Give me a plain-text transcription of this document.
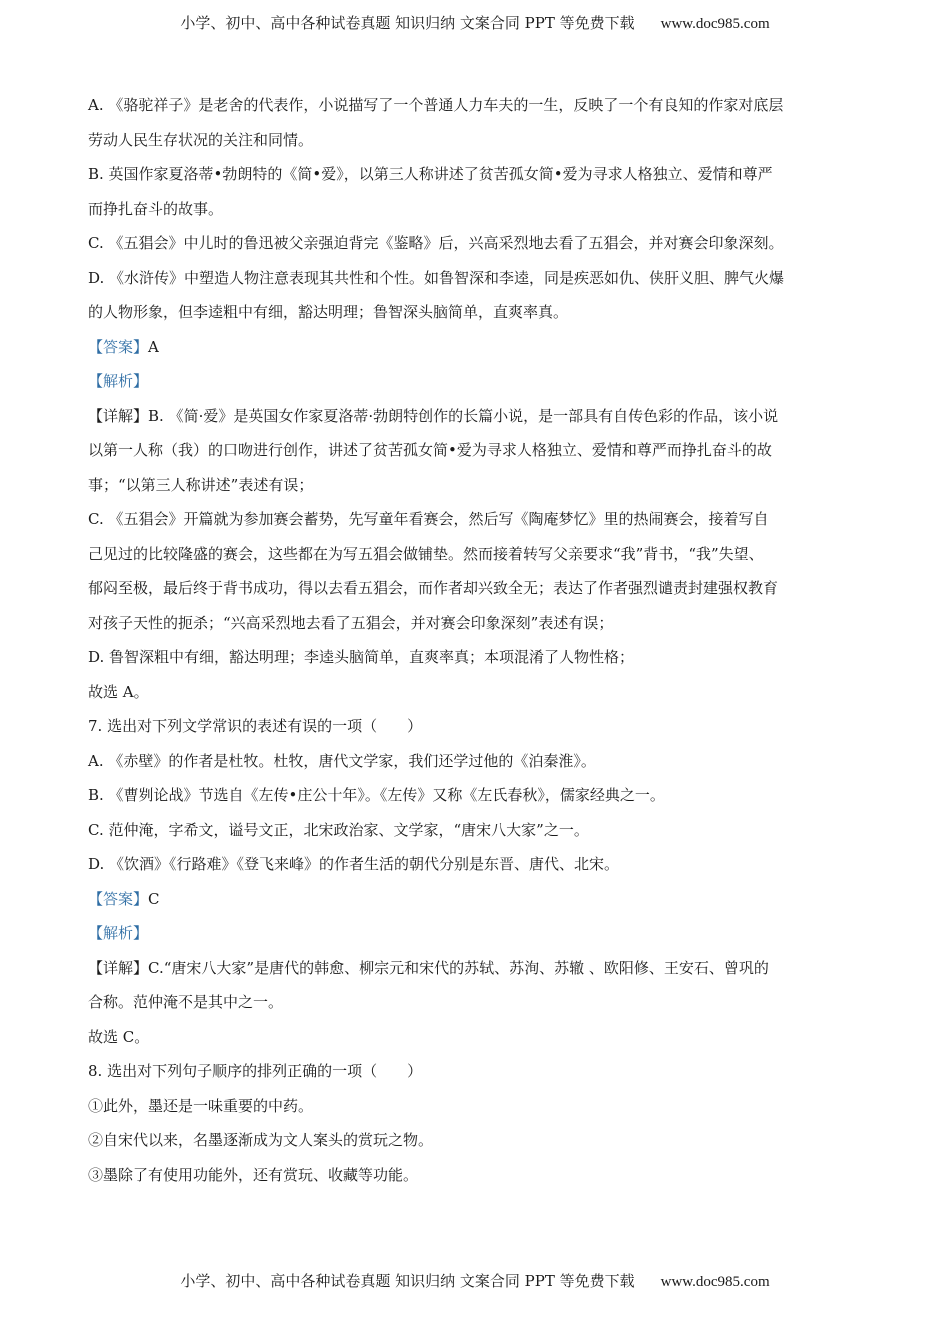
小学、初中、高中各种试卷真题 知识归纳 文案合同 PPT 等免费下载 www.doc985.com
A. 《骆驼祥子》是老舍的代表作，小说描写了一个普通人力车夫的一生，反映了一个有良知的作家对底层
劳动人民生存状况的关注和同情。
B. 英国作家夏洛蒂•勃朗特的《简•爱》，以第三人称讲述了贫苦孤女简•爱为寻求人格独立、爱情和尊严
而挣扎奋斗的故事。
C. 《五猖会》中儿时的鲁迅被父亲强迫背完《鉴略》后，兴高采烈地去看了五猖会，并对赛会印象深刻。
D. 《水浒传》中塑造人物注意表现其共性和个性。如鲁智深和李逵，同是疾恶如仇、侠肝义胆、脾气火爆
的人物形象，但李逵粗中有细，豁达明理；鲁智深头脑简单，直爽率真。
【答案】A
【解析】
【详解】B. 《简·爱》是英国女作家夏洛蒂·勃朗特创作的长篇小说，是一部具有自传色彩的作品，该小说
以第一人称（我）的口吻进行创作，讲述了贫苦孤女简•爱为寻求人格独立、爱情和尊严而挣扎奋斗的故
事；“以第三人称讲述”表述有误；
C. 《五猖会》开篇就为参加赛会蓄势，先写童年看赛会，然后写《陶庵梦忆》里的热闹赛会，接着写自
己见过的比较隆盛的赛会，这些都在为写五猖会做铺垫。然而接着转写父亲要求“我”背书，“我”失望、
郁闷至极，最后终于背书成功，得以去看五猖会，而作者却兴致全无；表达了作者强烈谴责封建强权教育
对孩子天性的扼杀；“兴高采烈地去看了五猖会，并对赛会印象深刻”表述有误；
D. 鲁智深粗中有细，豁达明理；李逵头脑简单，直爽率真；本项混淆了人物性格；
故选 A。
7. 选出对下列文学常识的表述有误的一项（　　）
A. 《赤壁》的作者是杜牧。杜牧，唐代文学家，我们还学过他的《泊秦淮》。
B. 《曹刿论战》节选自《左传•庄公十年》。《左传》又称《左氏春秋》，儒家经典之一。
C. 范仲淹，字希文，谥号文正，北宋政治家、文学家，“唐宋八大家”之一。
D. 《饮酒》《行路难》《登飞来峰》的作者生活的朝代分别是东晋、唐代、北宋。
【答案】C
【解析】
【详解】C.“唐宋八大家”是唐代的韩愈、柳宗元和宋代的苏轼、苏洵、苏辙 、欧阳修、王安石、曾巩的
合称。范仲淹不是其中之一。
故选 C。
8. 选出对下列句子顺序的排列正确的一项（　　）
①此外，墨还是一味重要的中药。
②自宋代以来，名墨逐渐成为文人案头的赏玩之物。
③墨除了有使用功能外，还有赏玩、收藏等功能。
小学、初中、高中各种试卷真题 知识归纳 文案合同 PPT 等免费下载 www.doc985.com
